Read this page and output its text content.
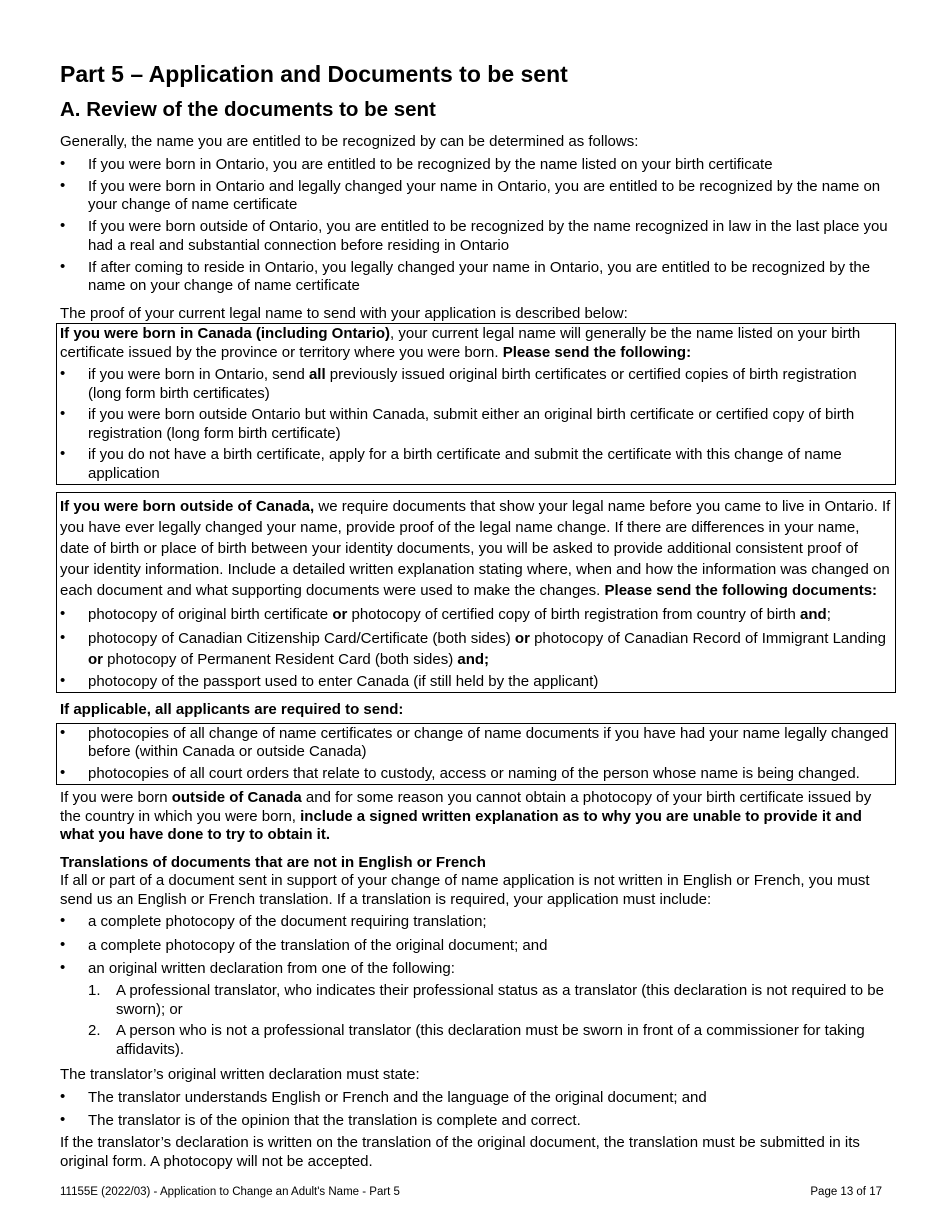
Part 5 – Application and Documents to be sent
A. Review of the documents to be sent

Generally, the name you are entitled to be recognized by can be determined as follows:

• If you were born in Ontario, you are entitled to be recognized by the name listed on your birth certificate
• If you were born in Ontario and legally changed your name in Ontario, you are entitled to be recognized by the name on your change of name certificate
• If you were born outside of Ontario, you are entitled to be recognized by the name recognized in law in the last place you had a real and substantial connection before residing in Ontario
• If after coming to reside in Ontario, you legally changed your name in Ontario, you are entitled to be recognized by the name on your change of name certificate

The proof of your current legal name to send with your application is described below:

If you were born in Canada (including Ontario), your current legal name will generally be the name listed on your birth certificate issued by the province or territory where you were born. Please send the following:

• if you were born in Ontario, send all previously issued original birth certificates or certified copies of birth registration (long form birth certificates)
• if you were born outside Ontario but within Canada, submit either an original birth certificate or certified copy of birth registration (long form birth certificate)
• if you do not have a birth certificate, apply for a birth certificate and submit the certificate with this change of name application

If you were born outside of Canada, we require documents that show your legal name before you came to live in Ontario. If you have ever legally changed your name, provide proof of the legal name change. If there are differences in your name, date of birth or place of birth between your identity documents, you will be asked to provide additional consistent proof of your identity information. Include a detailed written explanation stating where, when and how the information was changed on each document and what supporting documents were used to make the changes. Please send the following documents:

• photocopy of original birth certificate or photocopy of certified copy of birth registration from country of birth and;
• photocopy of Canadian Citizenship Card/Certificate (both sides) or photocopy of Canadian Record of Immigrant Landing or photocopy of Permanent Resident Card (both sides) and;
• photocopy of the passport used to enter Canada (if still held by the applicant)

If applicable, all applicants are required to send:

• photocopies of all change of name certificates or change of name documents if you have had your name legally changed before (within Canada or outside Canada)
• photocopies of all court orders that relate to custody, access or naming of the person whose name is being changed.

If you were born outside of Canada and for some reason you cannot obtain a photocopy of your birth certificate issued by the country in which you were born, include a signed written explanation as to why you are unable to provide it and what you have done to try to obtain it.

Translations of documents that are not in English or French

If all or part of a document sent in support of your change of name application is not written in English or French, you must send us an English or French translation. If a translation is required, your application must include:

• a complete photocopy of the document requiring translation;
• a complete photocopy of the translation of the original document; and
• an original written declaration from one of the following:
1. A professional translator, who indicates their professional status as a translator (this declaration is not required to be sworn); or
2. A person who is not a professional translator (this declaration must be sworn in front of a commissioner for taking affidavits).

The translator’s original written declaration must state:

• The translator understands English or French and the language of the original document; and
• The translator is of the opinion that the translation is complete and correct.

If the translator’s declaration is written on the translation of the original document, the translation must be submitted in its original form. A photocopy will not be accepted.

11155E (2022/03) - Application to Change an Adult's Name - Part 5	Page 13 of 17
